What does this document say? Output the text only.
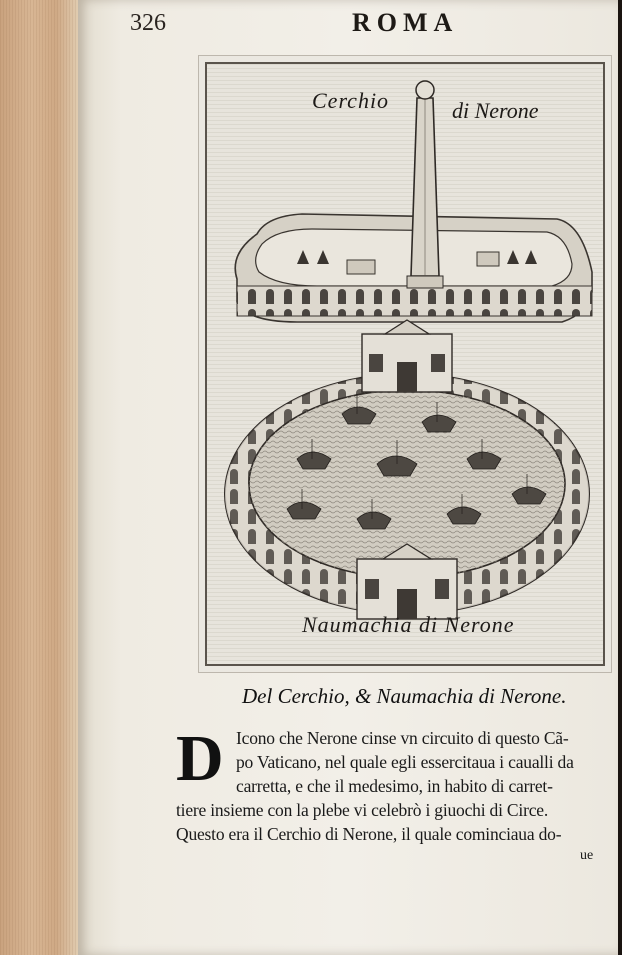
326	ROMA
Cerchio	di Nerone
Naumachia di Nerone
Del Cerchio, & Naumachia di Nerone.
D Icono che Nerone cinse vn circuito di questo Cã-
po Vaticano, nel quale egli essercitaua i caualli da
carretta, e che il medesimo, in habito di carret-
tiere insieme con la plebe vi celebrò i giuochi di Circe.
Questo era il Cerchio di Nerone, il quale cominciaua do-
ue
